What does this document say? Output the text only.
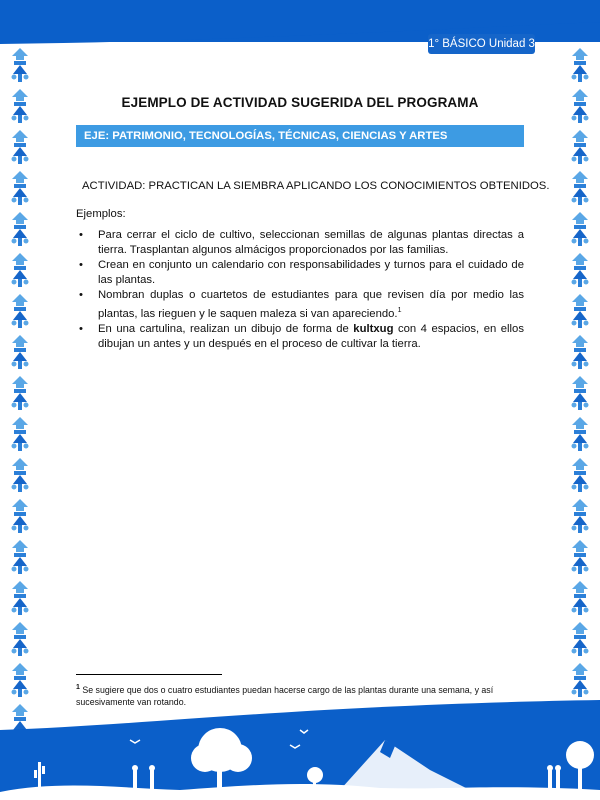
1° BÁSICO Unidad 3
EJEMPLO DE ACTIVIDAD SUGERIDA DEL PROGRAMA
EJE: PATRIMONIO, TECNOLOGÍAS, TÉCNICAS, CIENCIAS Y ARTES ANCESTRALES
ACTIVIDAD: PRACTICAN LA SIEMBRA APLICANDO LOS CONOCIMIENTOS OBTENIDOS.
Ejemplos:
• Para cerrar el ciclo de cultivo, seleccionan semillas de algunas plantas directas a tierra. Trasplantan algunos almácigos proporcionados por las familias.
• Crean en conjunto un calendario con responsabilidades y turnos para el cuidado de las plantas.
• Nombran duplas o cuartetos de estudiantes para que revisen día por medio las plantas, las rieguen y le saquen maleza si van apareciendo.$^1$
• En una cartulina, realizan un dibujo de forma de kultxug con 4 espacios, en ellos dibujan un antes y un después en el proceso de cultivar la tierra.
$^1$ Se sugiere que dos o cuatro estudiantes puedan hacerse cargo de las plantas durante una semana, y así sucesivamente van rotando.
